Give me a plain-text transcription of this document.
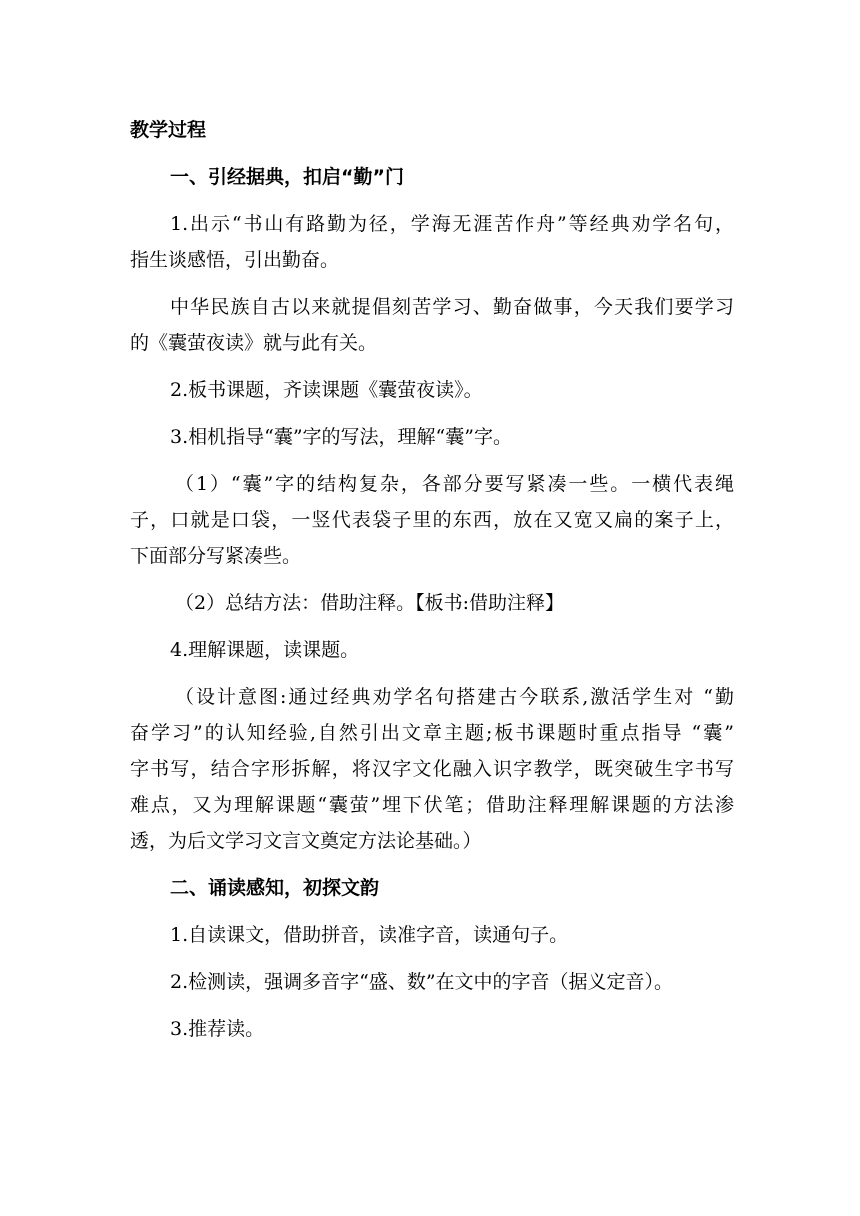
教学过程

一、引经据典，扣启“勤”门

1.出示“书山有路勤为径，学海无涯苦作舟”等经典劝学名句，

指生谈感悟，引出勤奋。

中华民族自古以来就提倡刻苦学习、勤奋做事，今天我们要学习

的《囊萤夜读》就与此有关。

2.板书课题，齐读课题《囊萤夜读》。

3.相机指导“囊”字的写法，理解“囊”字。

（1）“囊”字的结构复杂，各部分要写紧凑一些。一横代表绳

子，口就是口袋，一竖代表袋子里的东西，放在又宽又扁的案子上，

下面部分写紧凑些。

（2）总结方法：借助注释。【板书:借助注释】

4.理解课题，读课题。

（设计意图:通过经典劝学名句搭建古今联系,激活学生对 “勤

奋学习”的认知经验,自然引出文章主题;板书课题时重点指导 “囊”

字书写，结合字形拆解，将汉字文化融入识字教学，既突破生字书写

难点，又为理解课题“囊萤”埋下伏笔；借助注释理解课题的方法渗

透，为后文学习文言文奠定方法论基础。）

二、诵读感知，初探文韵

1.自读课文，借助拼音，读准字音，读通句子。

2.检测读，强调多音字“盛、数”在文中的字音（据义定音）。

3.推荐读。
